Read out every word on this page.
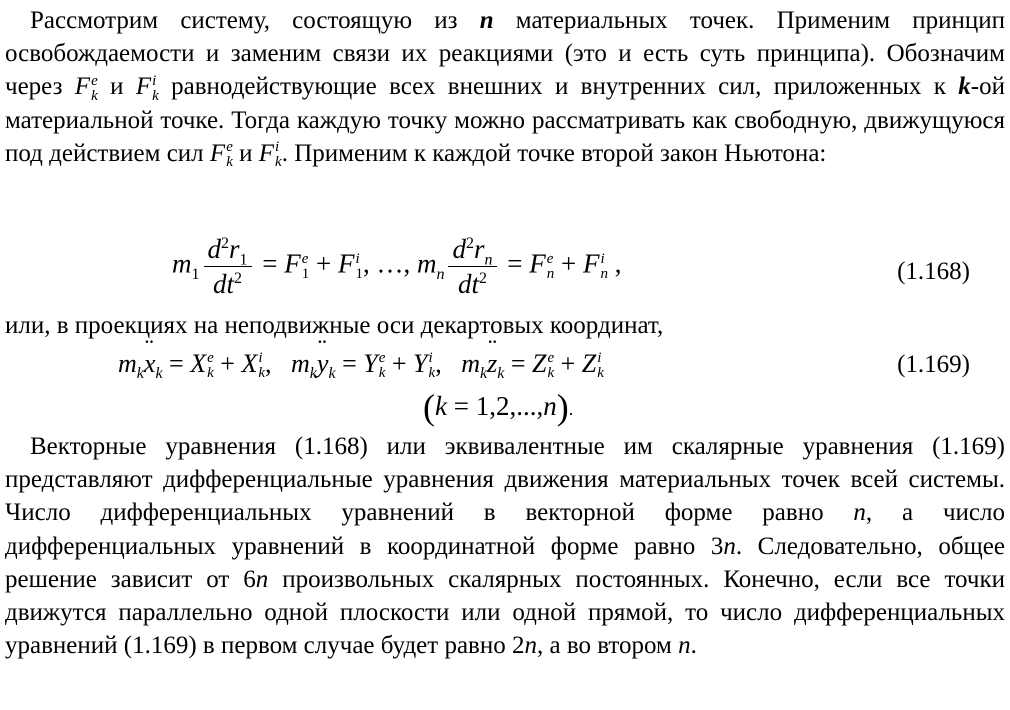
Рассмотрим систему, состоящую из n материальных точек. Применим принцип освобождаемости и заменим связи их реакциями (это и есть суть принципа). Обозначим через F e
k и F i
k равнодействующие всех внешних и внутренних сил, приложенных к k-ой материальной точке. Тогда каждую точку можно рассматривать как свободную, движущуюся под действием сил F e
k и F i
k . Применим к каждой точке второй закон Ньютона:

$m_1 \frac{d^2r_1}{dt^2} = F$ e
1 + F i
1 , …, $m_n \frac{d^2r_n}{dt^2} = F$ e
n + F i
n ,	(1.168)

или, в проекциях на неподвижные оси декартовых координат,

$m_k¨$ $x_k = X$ e
k + X i
k ,   $m_k¨$ $y_k = Y$ e
k + Y i
k ,   $m_k¨$ $z_k = Z$ e
k + Z i
k	(1.169)
(k = 1,2,...,n).

Векторные уравнения (1.168) или эквивалентные им скалярные уравнения (1.169) представляют дифференциальные уравнения движения материальных точек всей системы. Число дифференциальных уравнений в векторной форме равно n, а число дифференциальных уравнений в координатной форме равно 3n. Следовательно, общее решение зависит от 6n произвольных скалярных постоянных. Конечно, если все точки движутся параллельно одной плоскости или одной прямой, то число дифференциальных уравнений (1.169) в первом случае будет равно 2n, а во втором n.
